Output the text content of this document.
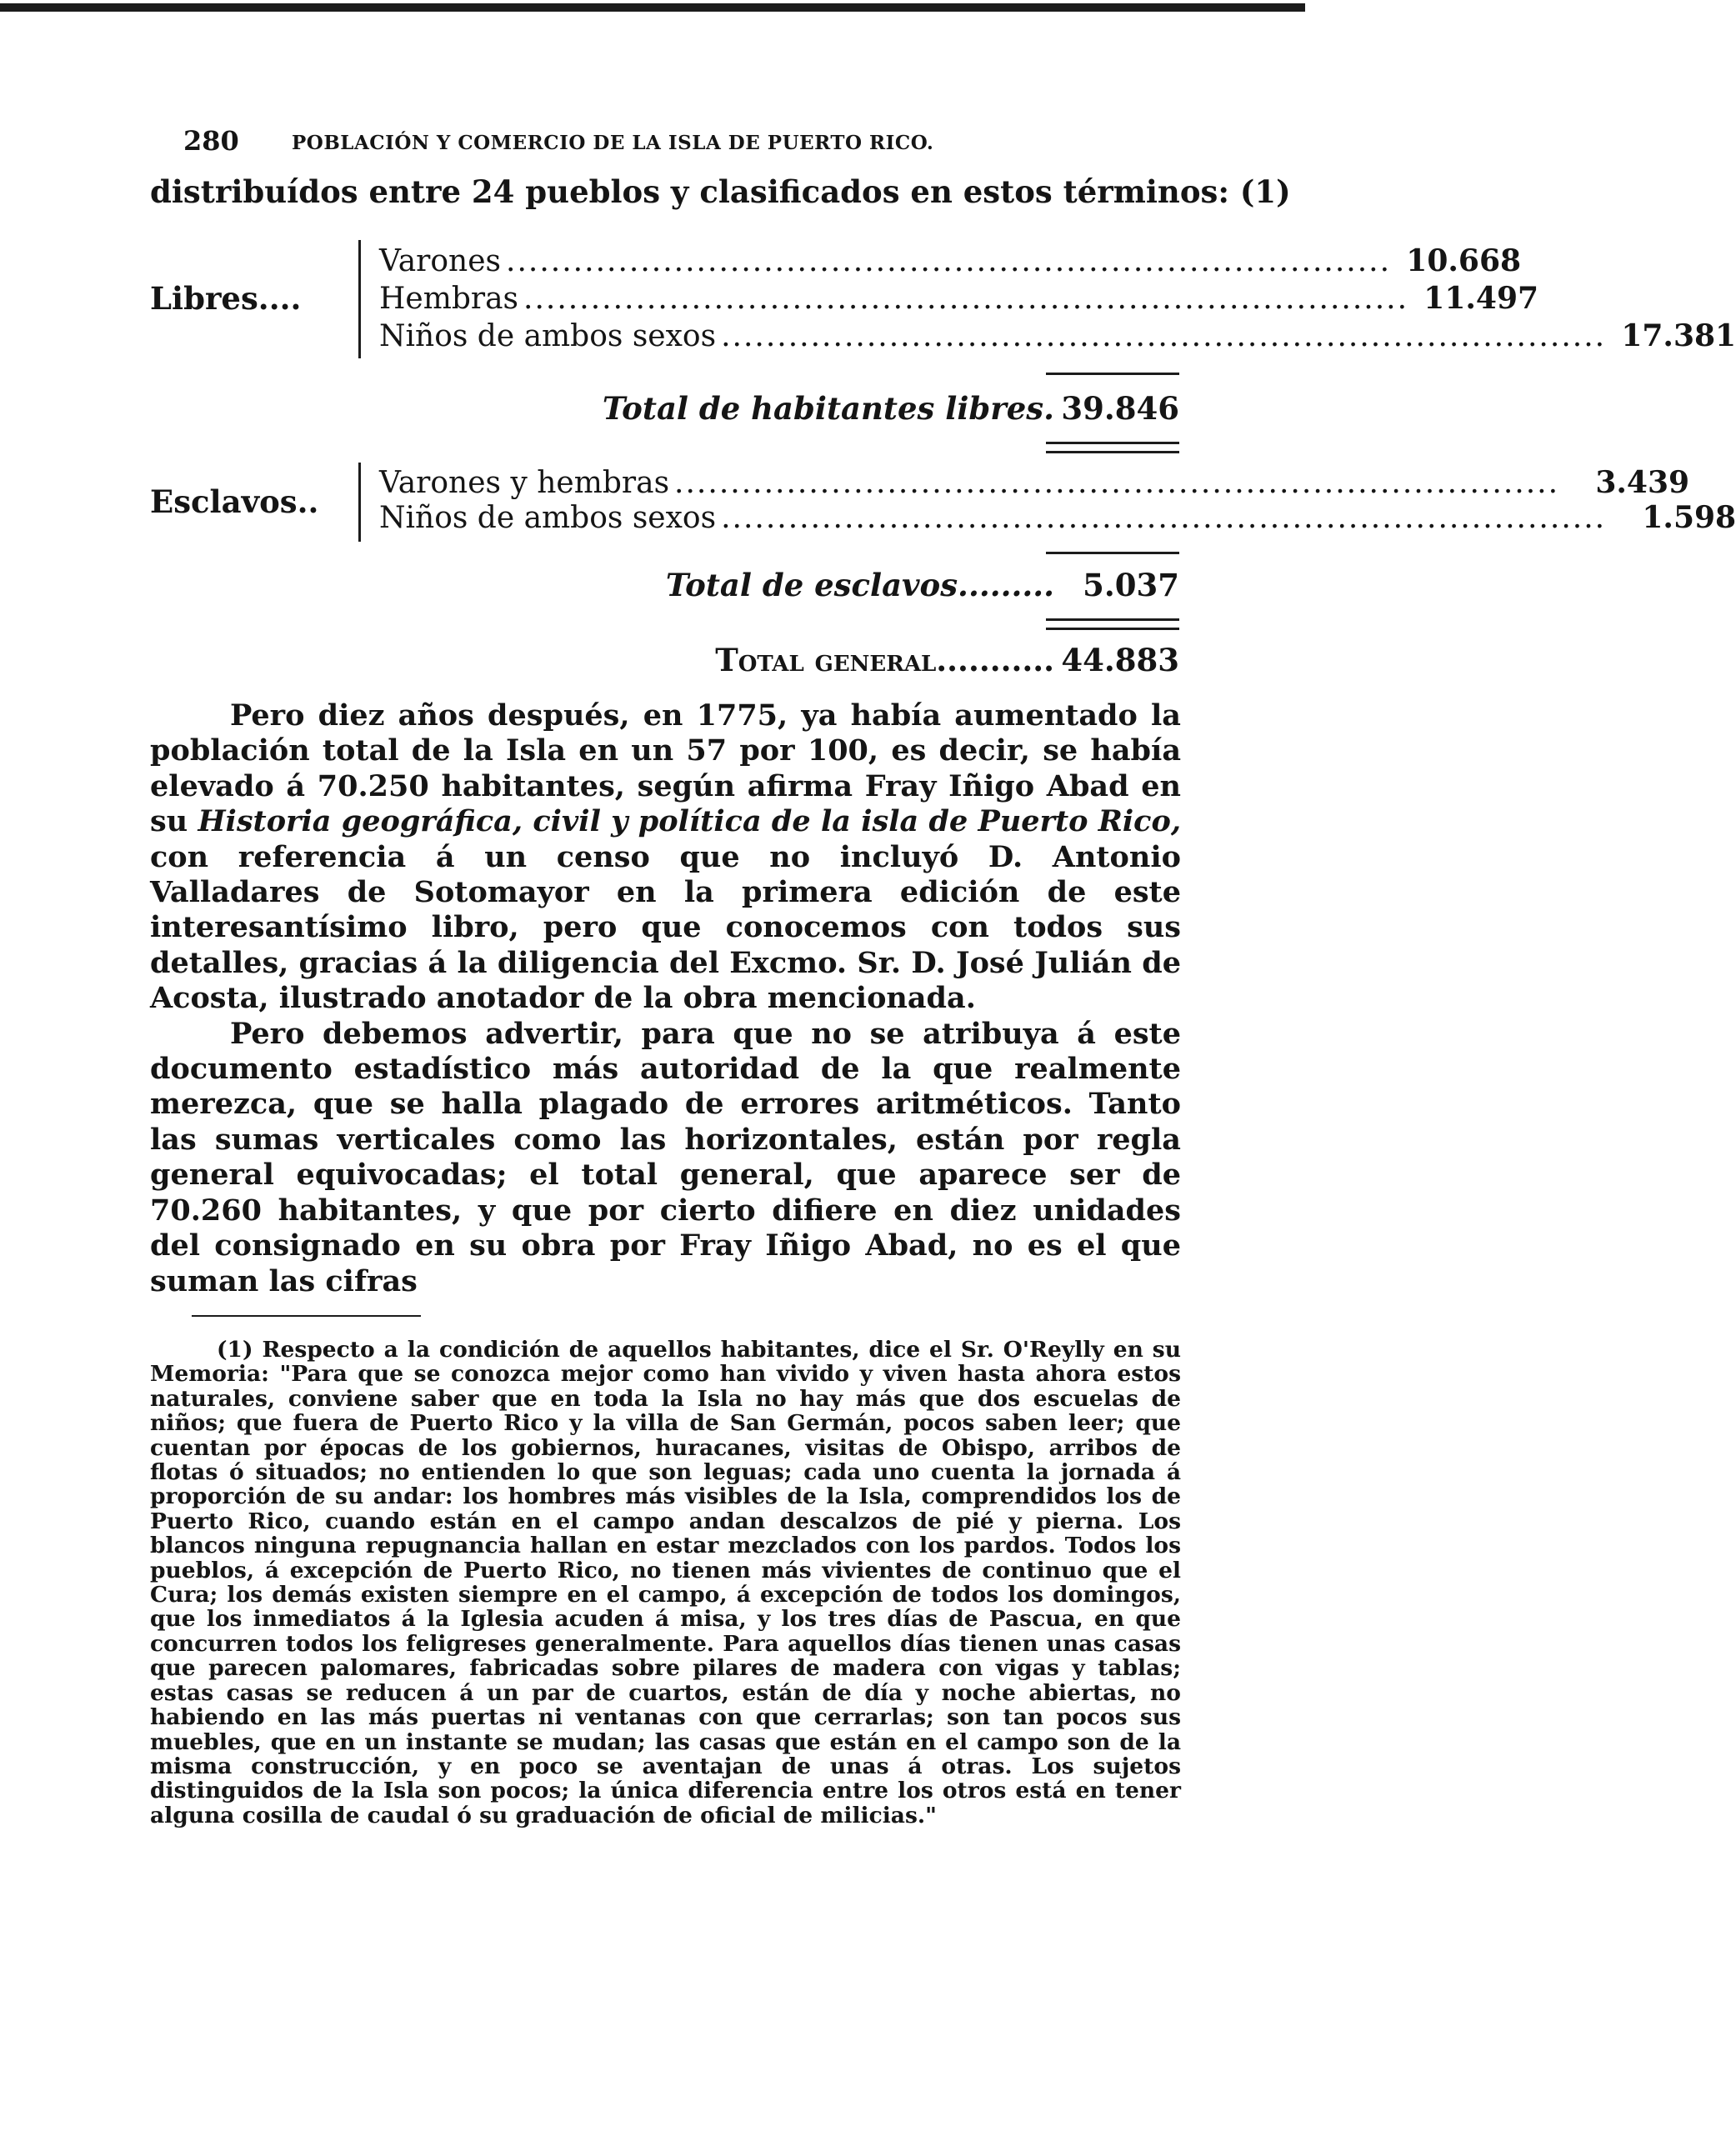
280	POBLACIÓN Y COMERCIO DE LA ISLA DE PUERTO RICO.
distribuídos entre 24 pueblos y clasificados en estos términos: (1)
Libres....
Varones ............................................................................... 10.668
Hembras ............................................................................... 11.497
Niños de ambos sexos ............................................................................... 17.381
Total de habitantes libres. 39.846
Esclavos..
Varones y hembras ...............................................................................	3.439
Niños de ambos sexos ...............................................................................	1.598
Total de esclavos......... 5.037
Total general........... 44.883

Pero diez años después, en 1775, ya había aumentado la población total de la Isla en un 57 por 100, es decir, se había elevado á 70.250 habitantes, según afirma Fray Iñigo Abad en su Historia geográfica, civil y política de la isla de Puerto Rico, con referencia á un censo que no incluyó D. Antonio Valladares de Sotomayor en la primera edición de este interesantísimo libro, pero que conocemos con todos sus detalles, gracias á la diligencia del Excmo. Sr. D. José Julián de Acosta, ilustrado anotador de la obra mencionada.

Pero debemos advertir, para que no se atribuya á este documento estadístico más autoridad de la que realmente merezca, que se halla plagado de errores aritméticos. Tanto las sumas verticales como las horizontales, están por regla general equivocadas; el total general, que aparece ser de 70.260 habitantes, y que por cierto difiere en diez unidades del consignado en su obra por Fray Iñigo Abad, no es el que suman las cifras

(1) Respecto a la condición de aquellos habitantes, dice el Sr. O'Reylly en su Memoria: "Para que se conozca mejor como han vivido y viven hasta ahora estos naturales, conviene saber que en toda la Isla no hay más que dos escuelas de niños; que fuera de Puerto Rico y la villa de San Germán, pocos saben leer; que cuentan por épocas de los gobiernos, huracanes, visitas de Obispo, arribos de flotas ó situados; no entienden lo que son leguas; cada uno cuenta la jornada á proporción de su andar: los hombres más visibles de la Isla, comprendidos los de Puerto Rico, cuando están en el campo andan descalzos de pié y pierna. Los blancos ninguna repugnancia hallan en estar mezclados con los pardos. Todos los pueblos, á excepción de Puerto Rico, no tienen más vivientes de continuo que el Cura; los demás existen siempre en el campo, á excepción de todos los domingos, que los inmediatos á la Iglesia acuden á misa, y los tres días de Pascua, en que concurren todos los feligreses generalmente. Para aquellos días tienen unas casas que parecen palomares, fabricadas sobre pilares de madera con vigas y tablas; estas casas se reducen á un par de cuartos, están de día y noche abiertas, no habiendo en las más puertas ni ventanas con que cerrarlas; son tan pocos sus muebles, que en un instante se mudan; las casas que están en el campo son de la misma construcción, y en poco se aventajan de unas á otras. Los sujetos distinguidos de la Isla son pocos; la única diferencia entre los otros está en tener alguna cosilla de caudal ó su graduación de oficial de milicias."
